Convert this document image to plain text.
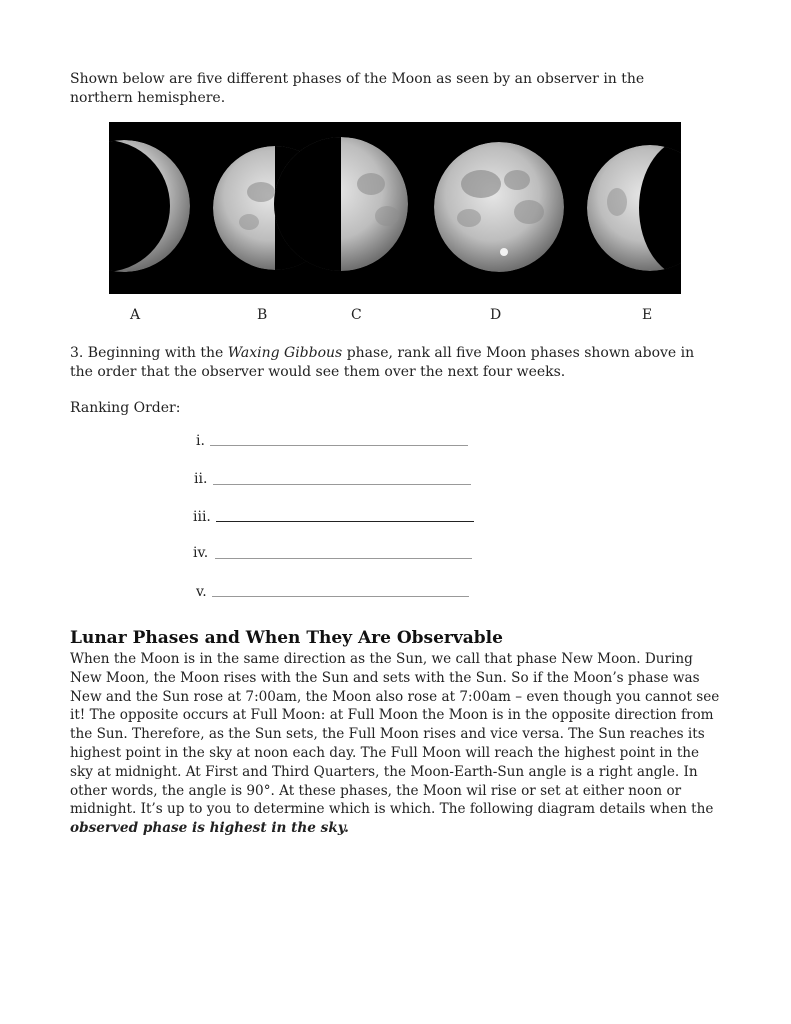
Shown below are five different phases of the Moon as seen by an observer in the northern hemisphere.
A	B	C	D	E
3. Beginning with the Waxing Gibbous phase, rank all five Moon phases shown above in the order that the observer would see them over the next four weeks.
Ranking Order:
i.
ii.
iii.
iv.
v.
Lunar Phases and When They Are Observable
When the Moon is in the same direction as the Sun, we call that phase New Moon. During New Moon, the Moon rises with the Sun and sets with the Sun. So if the Moon’s phase was New and the Sun rose at 7:00am, the Moon also rose at 7:00am – even though you cannot see it! The opposite occurs at Full Moon: at Full Moon the Moon is in the opposite direction from the Sun. Therefore, as the Sun sets, the Full Moon rises and vice versa. The Sun reaches its highest point in the sky at noon each day. The Full Moon will reach the highest point in the sky at midnight. At First and Third Quarters, the Moon-Earth-Sun angle is a right angle. In other words, the angle is 90°. At these phases, the Moon wil rise or set at either noon or midnight. It’s up to you to determine which is which. The following diagram details when the observed phase is highest in the sky.
